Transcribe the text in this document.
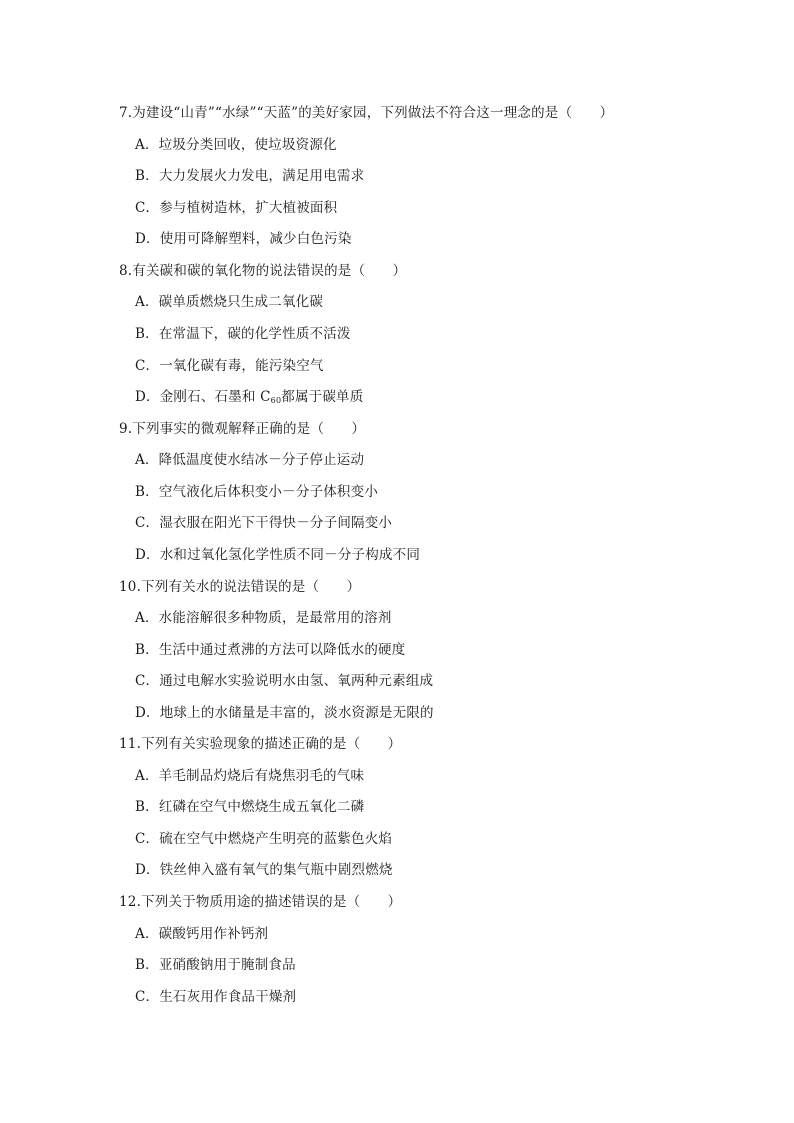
7.为建设“山青”“水绿”“天蓝”的美好家园，下列做法不符合这一理念的是（　　）
A．垃圾分类回收，使垃圾资源化
B．大力发展火力发电，满足用电需求
C．参与植树造林，扩大植被面积
D．使用可降解塑料，减少白色污染
8.有关碳和碳的氧化物的说法错误的是（　　）
A．碳单质燃烧只生成二氧化碳
B．在常温下，碳的化学性质不活泼
C．一氧化碳有毒，能污染空气
D．金刚石、石墨和 $C_{60}$都属于碳单质
9.下列事实的微观解释正确的是（　　）
A．降低温度使水结冰－分子停止运动
B．空气液化后体积变小－分子体积变小
C．湿衣服在阳光下干得快－分子间隔变小
D．水和过氧化氢化学性质不同－分子构成不同
10.下列有关水的说法错误的是（　　）
A．水能溶解很多种物质，是最常用的溶剂
B．生活中通过煮沸的方法可以降低水的硬度
C．通过电解水实验说明水由氢、氧两种元素组成
D．地球上的水储量是丰富的，淡水资源是无限的
11.下列有关实验现象的描述正确的是（　　）
A．羊毛制品灼烧后有烧焦羽毛的气味
B．红磷在空气中燃烧生成五氧化二磷
C．硫在空气中燃烧产生明亮的蓝紫色火焰
D．铁丝伸入盛有氧气的集气瓶中剧烈燃烧
12.下列关于物质用途的描述错误的是（　　）
A．碳酸钙用作补钙剂
B．亚硝酸钠用于腌制食品
C．生石灰用作食品干燥剂
